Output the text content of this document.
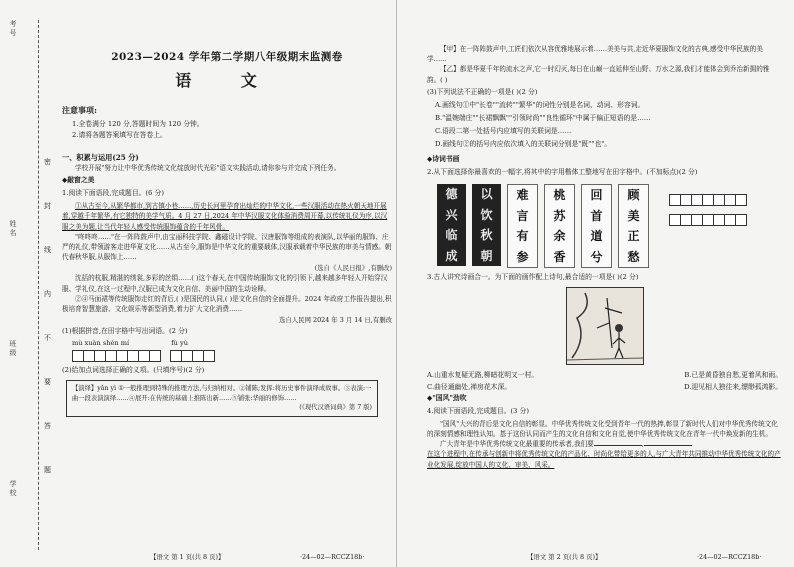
考号
班级
姓名
学校
密
封
线
内
不
要
答
题
2023—2024 学年第二学期八年级期末监测卷
语 文
注意事项:
1.全卷满分 120 分,答题时间为 120 分钟。
2.请将各题答案填写在答卷上。
一、积累与运用(25 分)

学校开展"努力让中华优秀传统文化绽放时代光彩"语文实践活动,请你参与并完成下列任务。

◆敲窗之美
1.阅读下面语段,完成题目。(6 分)

①从古至今,从繁华都市,到古镇小巷……,历史长河里孕育出灿烂的中华文化,一些汉服活动在热火朝天地开展着,穿越千年繁华,有它独特的美学气质。4 月 27 日,2024 年中华汉服文化体验消费周开幕,以传统礼仪为序,以汉服之美为题,让当代年轻人感受传统服饰蕴含的千年风骨。

"咚咚咚……"在一阵阵鼓声中,由宝丽科技学院、鑫磁设计学院、汉唐服饰等组成的表演队,以华丽的服饰、庄严的礼仪,带领游客走进华夏文化……从古至今,服饰是中华文化的重要载体,汉服承载着中华民族的审美与情感。朝代春秋华服,从服饰上……

(选自《人民日报》,有删改)

沈括的杭服,精湛的绣裳,多彩的丝绢……( )这个春天,在中国传统服饰文化的引领下,越来越多年轻人开始穿汉服、学礼仪,在这一过程中,汉服已成为文化自信、美丽中国的生动诠释。

②④马面裙等传统服饰走红的背后,( )是国民的认同,( )是文化自信的全面提升。2024 年政府工作报告提出,积极培育智慧旅游、文化娱乐等新型消费,着力扩大文化消费……

选自人民网 2024 年 3 月 14 日,有删改

(1)根据拼音,在田字格中写出词语。(2 分)
mù xuàn shén mí	fù yù
(2)给加点词选择正确的义项。(只填序号)(2 分)
【演绎】yǎn yì ①一般推理到特殊的推理方法,与归纳相对。②铺陈;发挥:将历史事件演绎成故事。③表演:一曲一段表演演绎……④展开:在传统的基础上推陈出新……⑤铺张:华丽的修饰……
(《现代汉语词典》第 7 版)
【语文 第 1 页(共 8 页)】	·24—02—RCCZ18b·

【甲】在一阵阵鼓声中,工匠们依次从容优雅地展示着……美美与共,走近华夏服饰文化的古典,感受中华民族的美学……

【乙】都是华夏千年的流水之声,它一时幻灭,每日在山巅一直延伸至山野、万水之源,我们才能体会到乔治新拥的雅韵。( )

(3)下列说法不正确的一项是( )(2 分)
A.画线句①中"长卷""流转""繁华"的词性分别是名词、动词、形容词。
B."温婉端庄""长裙飘飘""引领时尚""良性循环"中属于偏正短语的是……
C.语段二第一处括号内应填写的关联词是……
D.画线句②的括号内应依次填入的关联词分别是"既""也"。
◆诗词书画
2.从下面选择你最喜欢的一幅字,将其中的字用楷体工整地写在田字格中。(不加标点)(2 分)
德
兴
临
成
以
饮
秋
朝
难
言
有
参
桃
苏
余
香
回
首
道
兮
顾
美
正
愁
3.古人讲究诗画合一。为下面的画作配上诗句,最合适的一项是( )(2 分)
A.山重水复疑无路,柳暗花明又一村。	B.已是黄昏独自愁,更着风和雨。
C.曲径通幽处,禅房花木深。	D.迎见相人独往来,缥缈孤鸿影。
◆"国风"劲吹
4.阅读下面语段,完成题目。(3 分)

"国风"大兴的背后是文化自信的彰显。中华优秀传统文化受到青年一代的热捧,彰显了新时代人们对中华优秀传统文化的深刻情感和理性认知。基于这份认同而产生的文化自信和文化自觉,使中华优秀传统文化在青年一代中焕发新的生机。

广大青年是中华优秀传统文化最重要的传承者,我们要	,

在这个进程中,在传承与创新中将优秀传统文化的产品化、时尚化带给更多的人,与广大青年共同推动中华优秀传统文化的产业化发展,绽放中国人的文化、审美、风采。

【语文 第 2 页(共 8 页)】	·24—02—RCCZ18b·
